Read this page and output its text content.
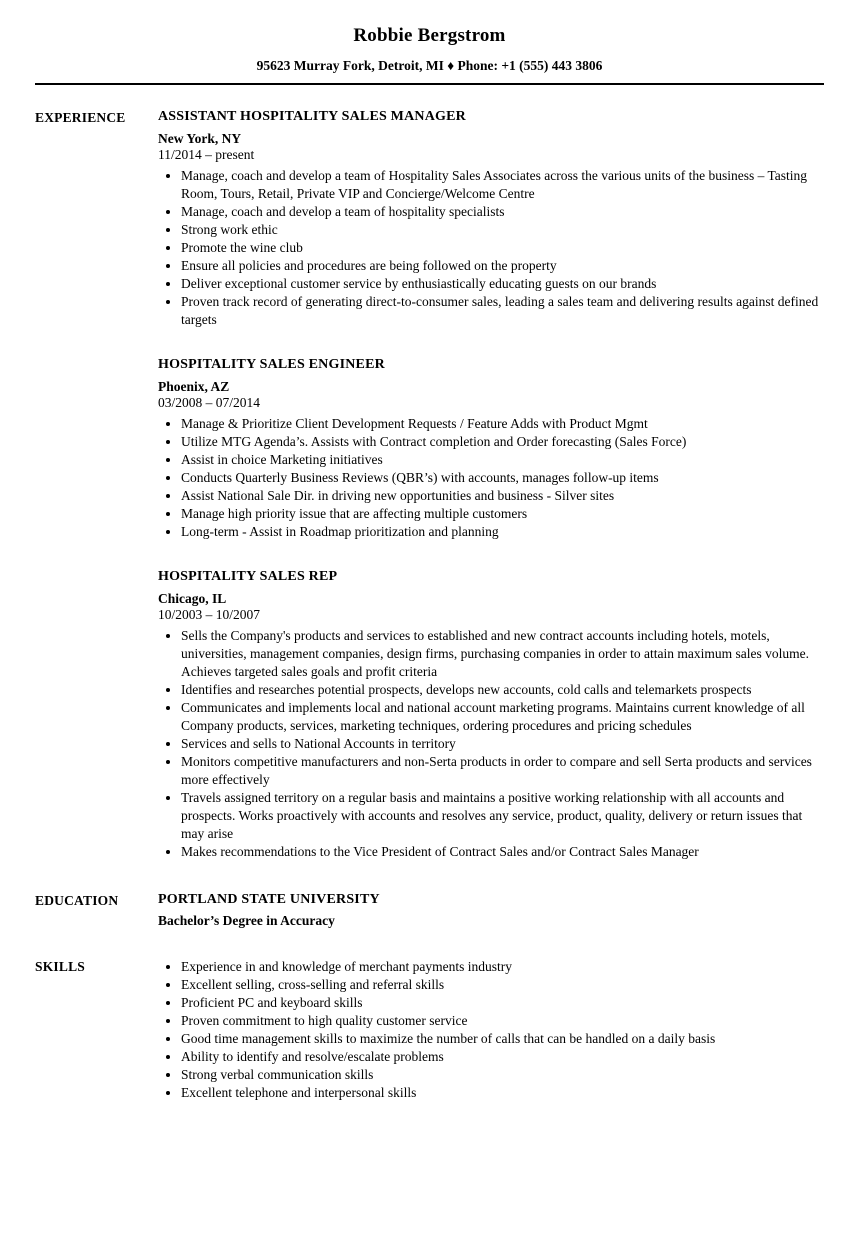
Robbie Bergstrom
95623 Murray Fork, Detroit, MI ♦ Phone: +1 (555) 443 3806
EXPERIENCE	ASSISTANT HOSPITALITY SALES MANAGER
New York, NY
11/2014 – present
• Manage, coach and develop a team of Hospitality Sales Associates across the various units of the business – Tasting Room, Tours, Retail, Private VIP and Concierge/Welcome Centre
• Manage, coach and develop a team of hospitality specialists
• Strong work ethic
• Promote the wine club
• Ensure all policies and procedures are being followed on the property
• Deliver exceptional customer service by enthusiastically educating guests on our brands
• Proven track record of generating direct-to-consumer sales, leading a sales team and delivering results against defined targets
HOSPITALITY SALES ENGINEER
Phoenix, AZ
03/2008 – 07/2014
• Manage & Prioritize Client Development Requests / Feature Adds with Product Mgmt
• Utilize MTG Agenda’s. Assists with Contract completion and Order forecasting (Sales Force)
• Assist in choice Marketing initiatives
• Conducts Quarterly Business Reviews (QBR’s) with accounts, manages follow-up items
• Assist National Sale Dir. in driving new opportunities and business - Silver sites
• Manage high priority issue that are affecting multiple customers
• Long-term - Assist in Roadmap prioritization and planning
HOSPITALITY SALES REP
Chicago, IL
10/2003 – 10/2007
• Sells the Company's products and services to established and new contract accounts including hotels, motels, universities, management companies, design firms, purchasing companies in order to attain maximum sales volume. Achieves targeted sales goals and profit criteria
• Identifies and researches potential prospects, develops new accounts, cold calls and telemarkets prospects
• Communicates and implements local and national account marketing programs. Maintains current knowledge of all Company products, services, marketing techniques, ordering procedures and pricing schedules
• Services and sells to National Accounts in territory
• Monitors competitive manufacturers and non-Serta products in order to compare and sell Serta products and services more effectively
• Travels assigned territory on a regular basis and maintains a positive working relationship with all accounts and prospects. Works proactively with accounts and resolves any service, product, quality, delivery or return issues that may arise
• Makes recommendations to the Vice President of Contract Sales and/or Contract Sales Manager
EDUCATION	PORTLAND STATE UNIVERSITY
Bachelor’s Degree in Accuracy
SKILLS	• Experience in and knowledge of merchant payments industry
• Excellent selling, cross-selling and referral skills
• Proficient PC and keyboard skills
• Proven commitment to high quality customer service
• Good time management skills to maximize the number of calls that can be handled on a daily basis
• Ability to identify and resolve/escalate problems
• Strong verbal communication skills
• Excellent telephone and interpersonal skills
